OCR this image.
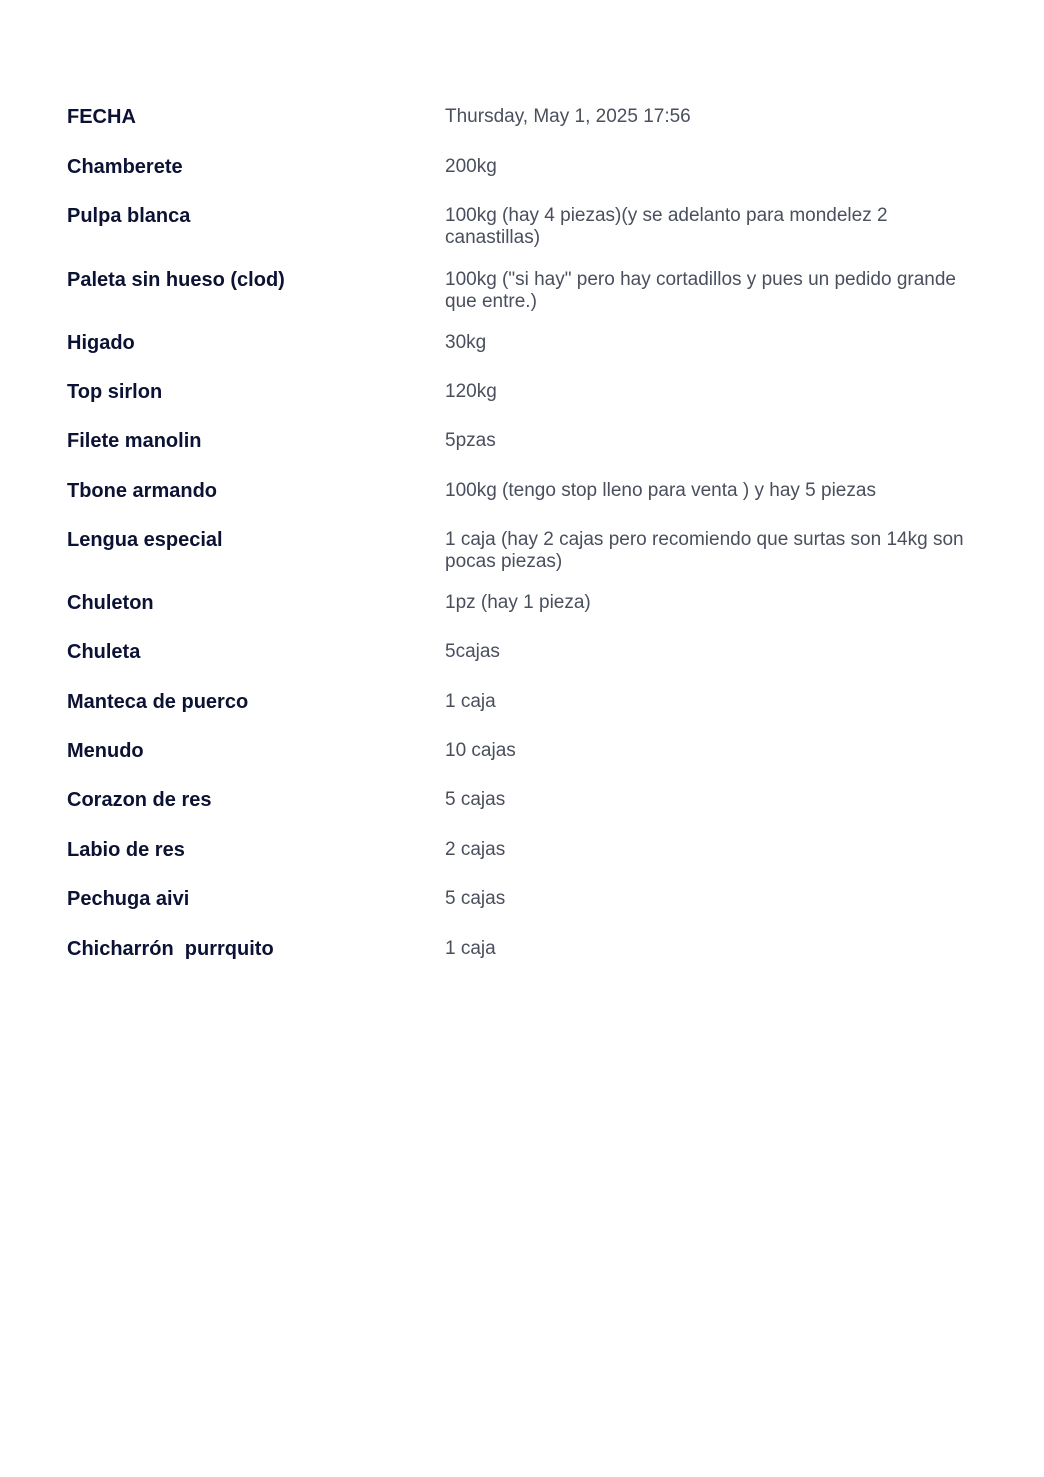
FECHA	Thursday, May 1, 2025 17:56
Chamberete	200kg
Pulpa blanca	100kg (hay 4 piezas)(y se adelanto para mondelez 2 canastillas)
Paleta sin hueso (clod)	100kg ("si hay" pero hay cortadillos y pues un pedido grande que entre.)
Higado	30kg
Top sirlon	120kg
Filete manolin	5pzas
Tbone armando	100kg (tengo stop lleno para venta ) y hay 5 piezas
Lengua especial	1 caja (hay 2 cajas pero recomiendo que surtas son 14kg son pocas piezas)
Chuleton	1pz (hay 1 pieza)
Chuleta	5cajas
Manteca de puerco	1 caja
Menudo	10 cajas
Corazon de res	5 cajas
Labio de res	2 cajas
Pechuga aivi	5 cajas
Chicharrón  purrquito	1 caja
